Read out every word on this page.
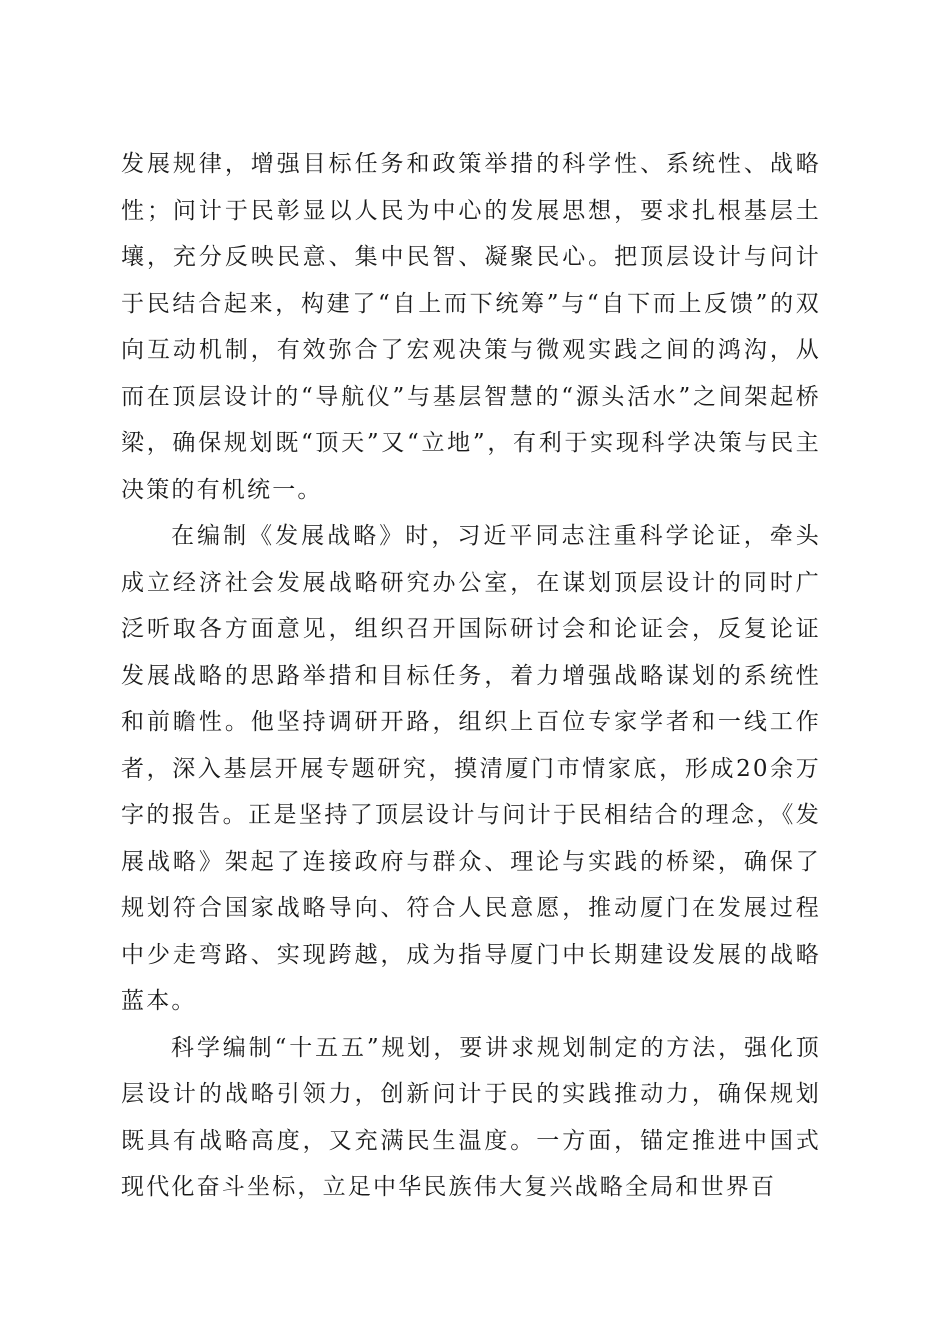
发展规律，增强目标任务和政策举措的科学性、系统性、战略性；问计于民彰显以人民为中心的发展思想，要求扎根基层土壤，充分反映民意、集中民智、凝聚民心。把顶层设计与问计于民结合起来，构建了“自上而下统筹”与“自下而上反馈”的双向互动机制，有效弥合了宏观决策与微观实践之间的鸿沟，从而在顶层设计的“导航仪”与基层智慧的“源头活水”之间架起桥梁，确保规划既“顶天”又“立地”，有利于实现科学决策与民主决策的有机统一。

在编制《发展战略》时，习近平同志注重科学论证，牵头成立经济社会发展战略研究办公室，在谋划顶层设计的同时广泛听取各方面意见，组织召开国际研讨会和论证会，反复论证发展战略的思路举措和目标任务，着力增强战略谋划的系统性和前瞻性。他坚持调研开路，组织上百位专家学者和一线工作者，深入基层开展专题研究，摸清厦门市情家底，形成20余万字的报告。正是坚持了顶层设计与问计于民相结合的理念，《发展战略》架起了连接政府与群众、理论与实践的桥梁，确保了规划符合国家战略导向、符合人民意愿，推动厦门在发展过程中少走弯路、实现跨越，成为指导厦门中长期建设发展的战略蓝本。

科学编制“十五五”规划，要讲求规划制定的方法，强化顶层设计的战略引领力，创新问计于民的实践推动力，确保规划既具有战略高度，又充满民生温度。一方面，锚定推进中国式现代化奋斗坐标，立足中华民族伟大复兴战略全局和世界百
